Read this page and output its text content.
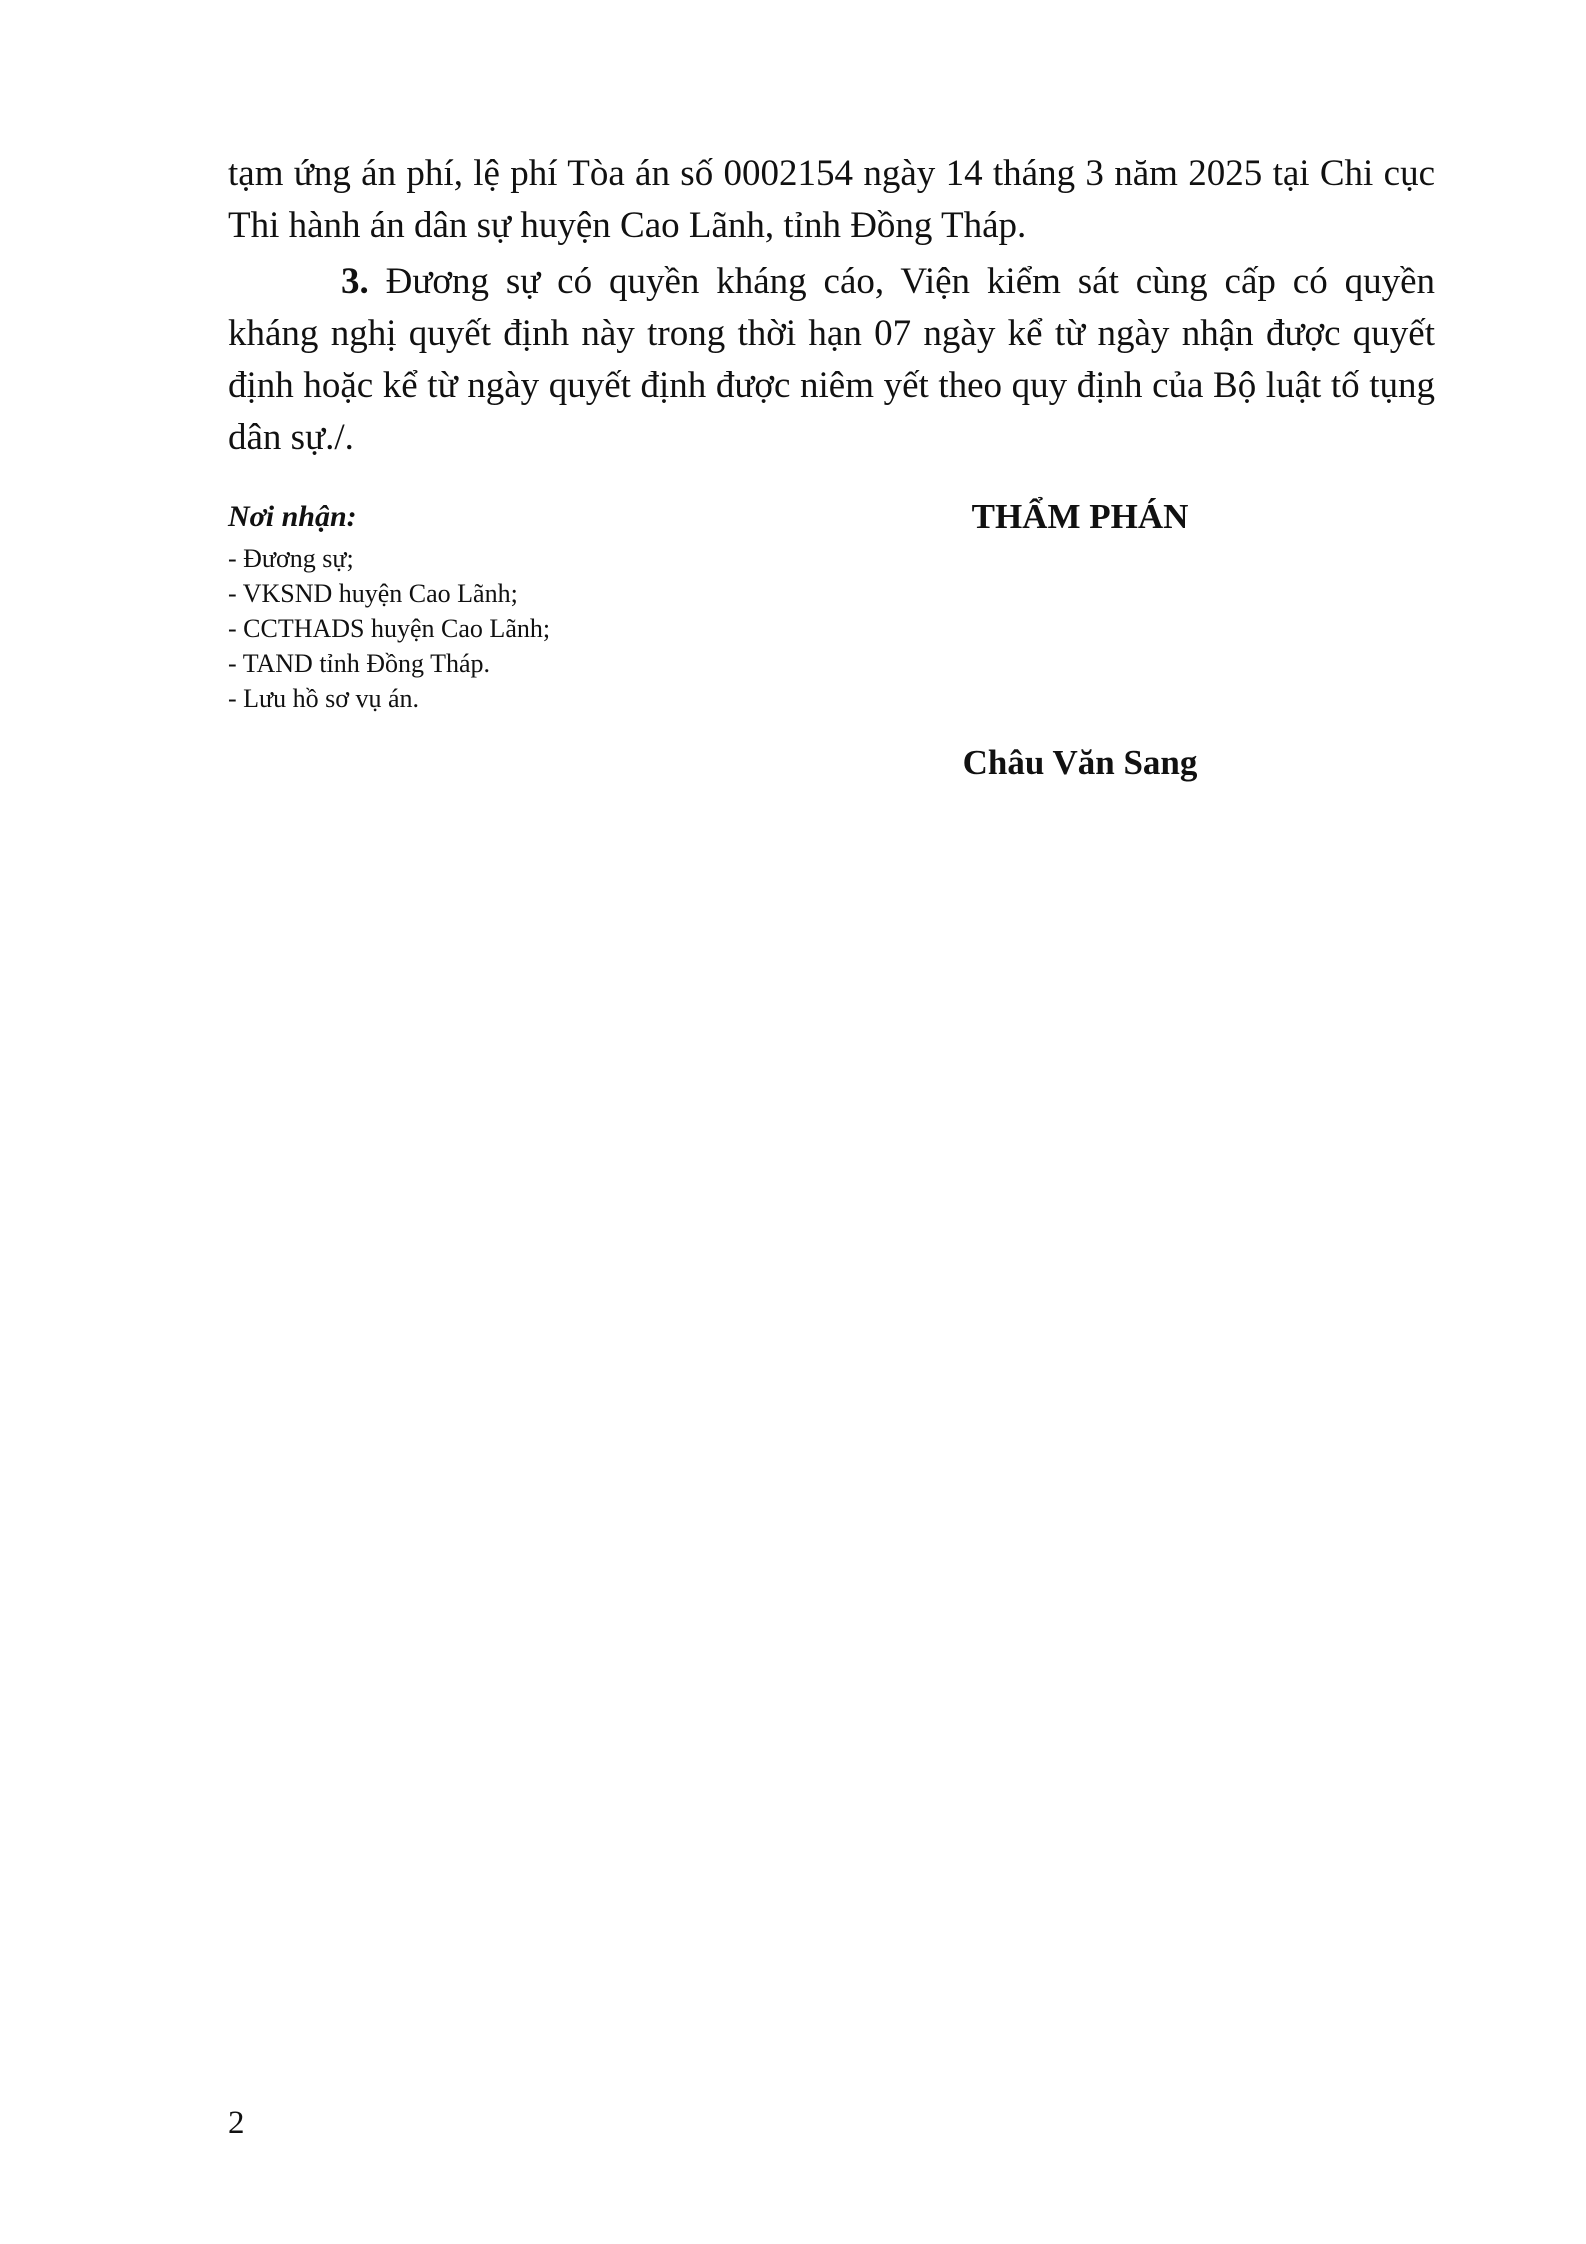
tạm ứng án phí, lệ phí Tòa án số 0002154 ngày 14 tháng 3 năm 2025 tại Chi cục Thi hành án dân sự huyện Cao Lãnh, tỉnh Đồng Tháp.

3. Đương sự có quyền kháng cáo, Viện kiểm sát cùng cấp có quyền kháng nghị quyết định này trong thời hạn 07 ngày kể từ ngày nhận được quyết định hoặc kể từ ngày quyết định được niêm yết theo quy định của Bộ luật tố tụng dân sự./.

Nơi nhận:

- Đương sự;
- VKSND huyện Cao Lãnh;
- CCTHADS huyện Cao Lãnh;
- TAND tỉnh Đồng Tháp.
- Lưu hồ sơ vụ án.
THẨM PHÁN
Châu Văn Sang
2
